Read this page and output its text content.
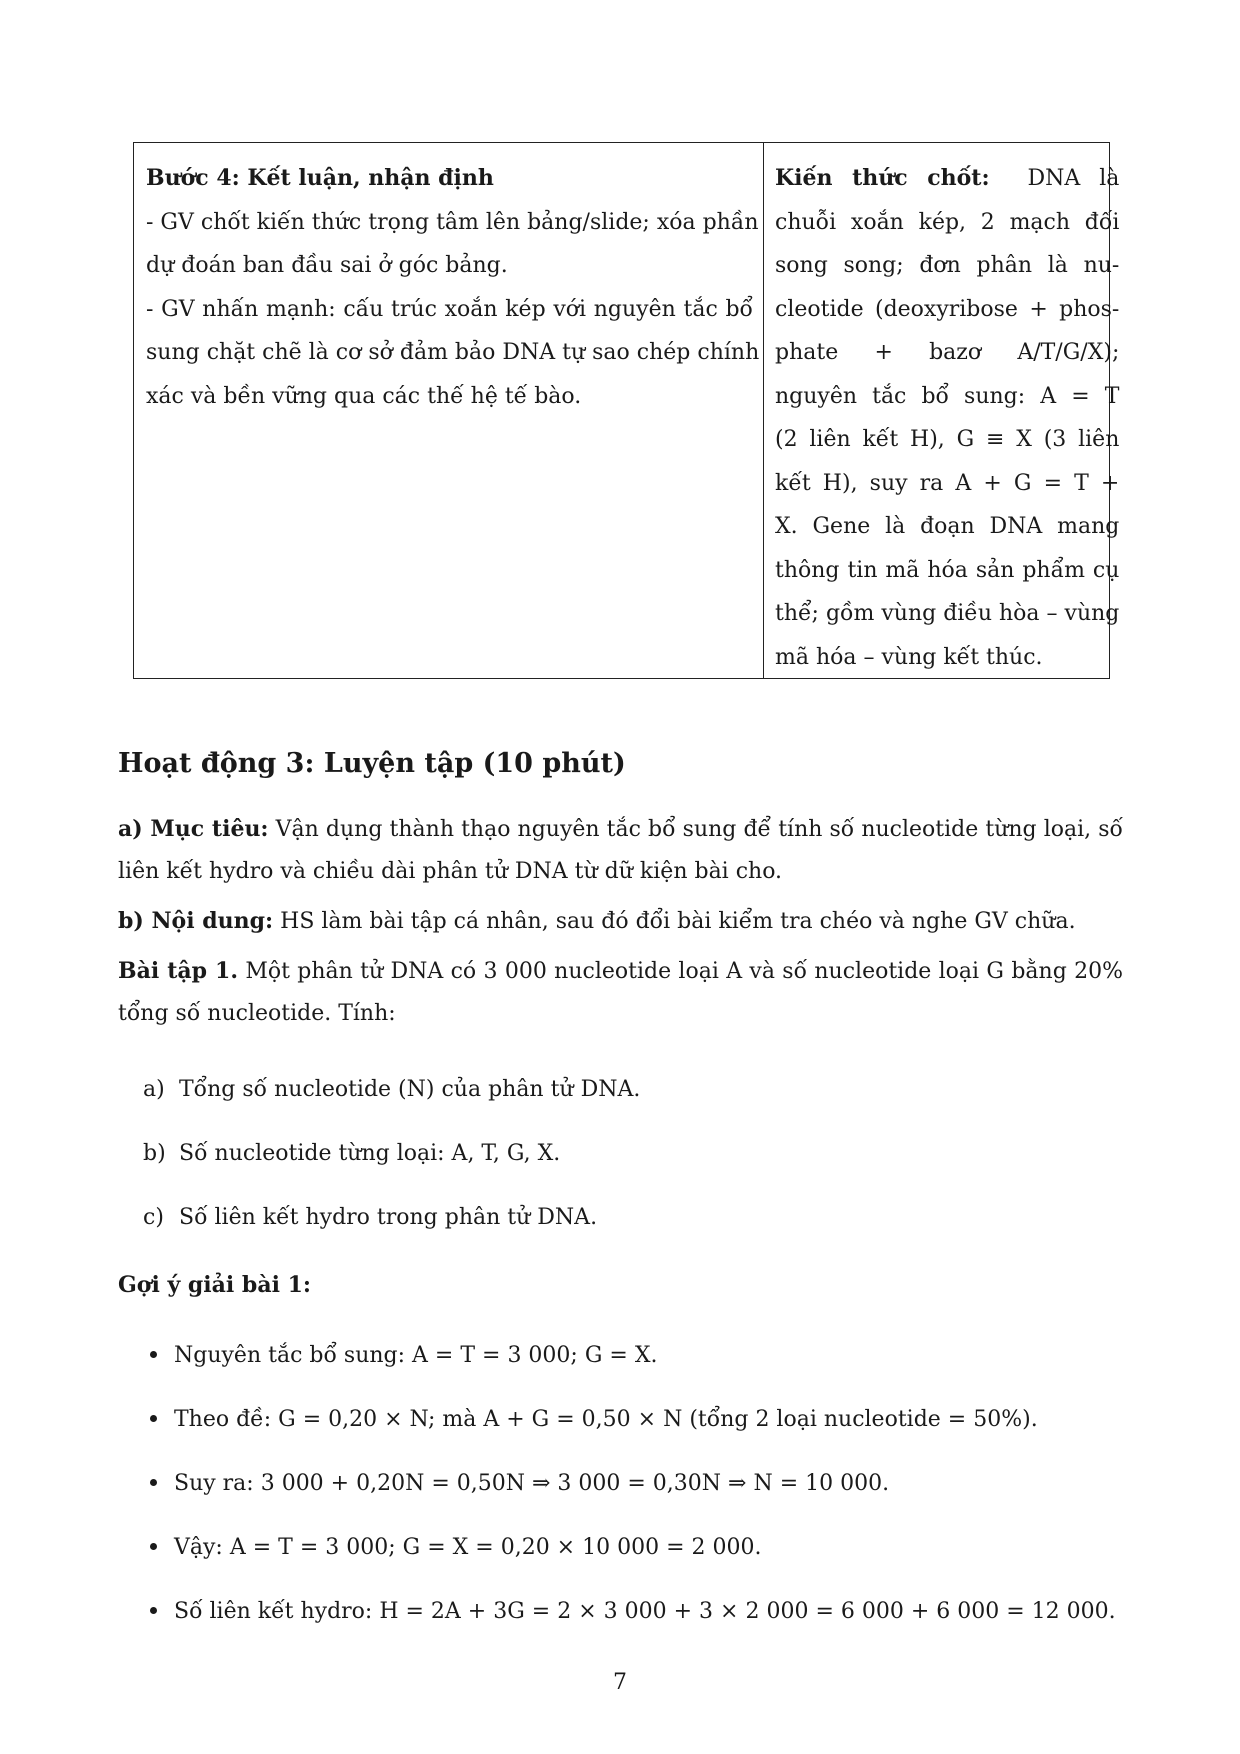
Bước 4: Kết luận, nhận định
- GV chốt kiến thức trọng tâm lên bảng/slide; xóa phần
dự đoán ban đầu sai ở góc bảng.
- GV nhấn mạnh: cấu trúc xoắn kép với nguyên tắc bổ
sung chặt chẽ là cơ sở đảm bảo DNA tự sao chép chính
xác và bền vững qua các thế hệ tế bào.
Kiến thức chốt: DNA là
chuỗi xoắn kép, 2 mạch đối
song song; đơn phân là nu-
cleotide (deoxyribose + phos-
phate + bazơ A/T/G/X);
nguyên tắc bổ sung: A = T
(2 liên kết H), G ≡ X (3 liên
kết H), suy ra A + G = T +
X. Gene là đoạn DNA mang
thông tin mã hóa sản phẩm cụ
thể; gồm vùng điều hòa – vùng
mã hóa – vùng kết thúc.
Hoạt động 3: Luyện tập (10 phút)
a) Mục tiêu: Vận dụng thành thạo nguyên tắc bổ sung để tính số nucleotide từng loại, số
liên kết hydro và chiều dài phân tử DNA từ dữ kiện bài cho.
b) Nội dung: HS làm bài tập cá nhân, sau đó đổi bài kiểm tra chéo và nghe GV chữa.
Bài tập 1. Một phân tử DNA có 3 000 nucleotide loại A và số nucleotide loại G bằng 20%
tổng số nucleotide. Tính:
a) Tổng số nucleotide (N) của phân tử DNA.
b) Số nucleotide từng loại: A, T, G, X.
c) Số liên kết hydro trong phân tử DNA.
Gợi ý giải bài 1:
Nguyên tắc bổ sung: A = T = 3 000; G = X.
Theo đề: G = 0,20 × N; mà A + G = 0,50 × N (tổng 2 loại nucleotide = 50%).
Suy ra: 3 000 + 0,20N = 0,50N ⇒ 3 000 = 0,30N ⇒ N = 10 000.
Vậy: A = T = 3 000; G = X = 0,20 × 10 000 = 2 000.
Số liên kết hydro: H = 2A + 3G = 2 × 3 000 + 3 × 2 000 = 6 000 + 6 000 = 12 000.
7
